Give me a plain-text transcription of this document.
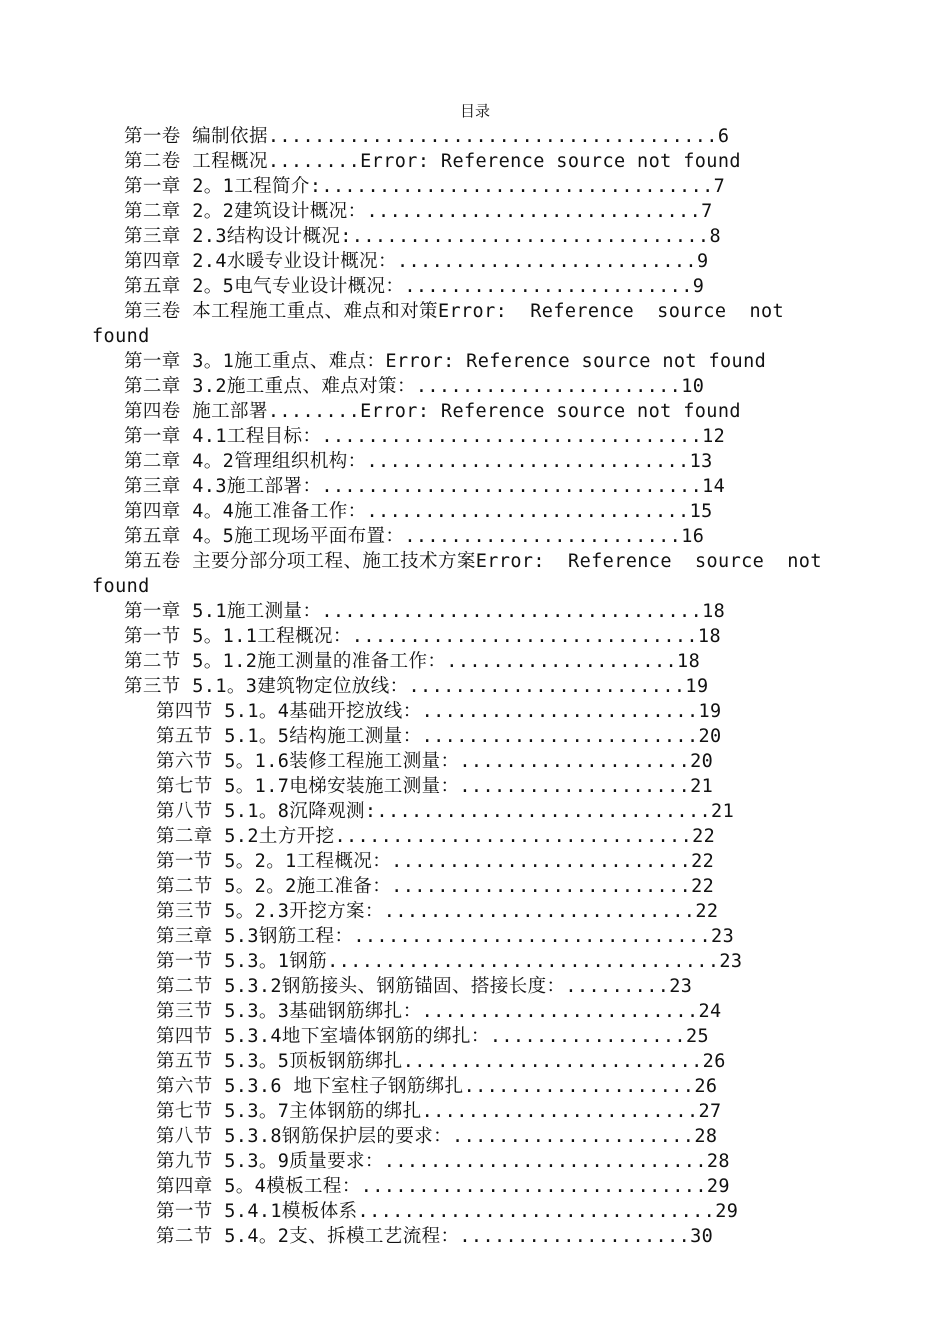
目录
第一卷 编制依据.......................................6
第二卷 工程概况........Error: Reference source not found
第一章 2。1工程简介:..................................7
第二章 2。2建筑设计概况：.............................7
第三章 2.3结构设计概况:...............................8
第四章 2.4水暖专业设计概况：..........................9
第五章 2。5电气专业设计概况：.........................9
第三卷 本工程施工重点、难点和对策Error:  Reference  source  not
found
第一章 3。1施工重点、难点：Error: Reference source not found
第二章 3.2施工重点、难点对策：.......................10
第四卷 施工部署........Error: Reference source not found
第一章 4.1工程目标：.................................12
第二章 4。2管理组织机构：............................13
第三章 4.3施工部署：.................................14
第四章 4。4施工准备工作：............................15
第五章 4。5施工现场平面布置：........................16
第五卷 主要分部分项工程、施工技术方案Error:  Reference  source  not
found
第一章 5.1施工测量：.................................18
第一节 5。1.1工程概况：..............................18
第二节 5。1.2施工测量的准备工作：....................18
第三节 5.1。3建筑物定位放线：........................19
第四节 5.1。4基础开挖放线：........................19
第五节 5.1。5结构施工测量：........................20
第六节 5。1.6装修工程施工测量：....................20
第七节 5。1.7电梯安装施工测量：....................21
第八节 5.1。8沉降观测:.............................21
第二章 5.2土方开挖...............................22
第一节 5。2。1工程概况：..........................22
第二节 5。2。2施工准备：..........................22
第三节 5。2.3开挖方案：...........................22
第三章 5.3钢筋工程：...............................23
第一节 5.3。1钢筋..................................23
第二节 5.3.2钢筋接头、钢筋锚固、搭接长度：.........23
第三节 5.3。3基础钢筋绑扎：........................24
第四节 5.3.4地下室墙体钢筋的绑扎：.................25
第五节 5.3。5顶板钢筋绑扎..........................26
第六节 5.3.6 地下室柱子钢筋绑扎....................26
第七节 5.3。7主体钢筋的绑扎........................27
第八节 5.3.8钢筋保护层的要求：.....................28
第九节 5.3。9质量要求：............................28
第四章 5。4模板工程：..............................29
第一节 5.4.1模板体系...............................29
第二节 5.4。2支、拆模工艺流程：....................30
